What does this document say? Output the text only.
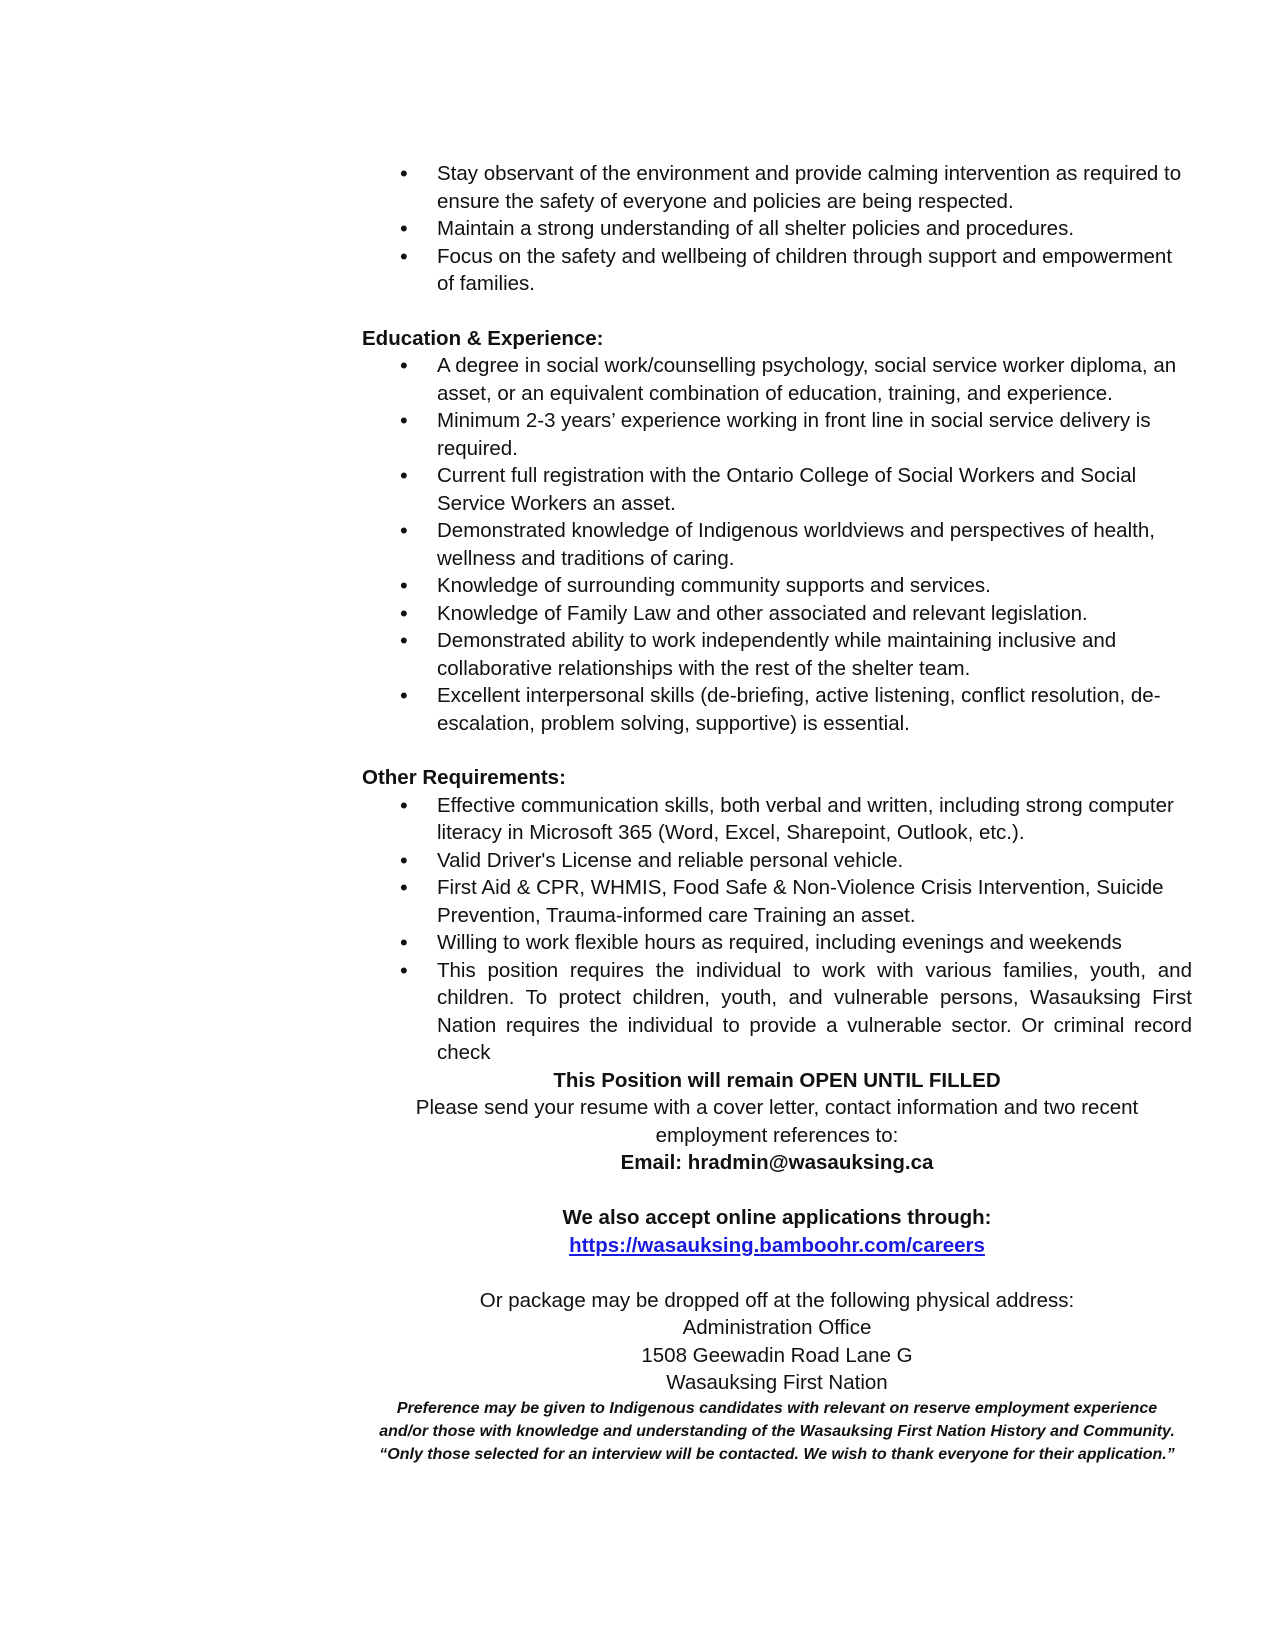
• Stay observant of the environment and provide calming intervention as required to ensure the safety of everyone and policies are being respected.
• Maintain a strong understanding of all shelter policies and procedures.
• Focus on the safety and wellbeing of children through support and empowerment of families.
Education & Experience:
• A degree in social work/counselling psychology, social service worker diploma, an asset, or an equivalent combination of education, training, and experience.
• Minimum 2-3 years’ experience working in front line in social service delivery is required.
• Current full registration with the Ontario College of Social Workers and Social Service Workers an asset.
• Demonstrated knowledge of Indigenous worldviews and perspectives of health, wellness and traditions of caring.
• Knowledge of surrounding community supports and services.
• Knowledge of Family Law and other associated and relevant legislation.
• Demonstrated ability to work independently while maintaining inclusive and collaborative relationships with the rest of the shelter team.
• Excellent interpersonal skills (de-briefing, active listening, conflict resolution, de-escalation, problem solving, supportive) is essential.
Other Requirements:
• Effective communication skills, both verbal and written, including strong computer literacy in Microsoft 365 (Word, Excel, Sharepoint, Outlook, etc.).
• Valid Driver's License and reliable personal vehicle.
• First Aid & CPR, WHMIS, Food Safe & Non-Violence Crisis Intervention, Suicide Prevention, Trauma-informed care Training an asset.
• Willing to work flexible hours as required, including evenings and weekends
• This position requires the individual to work with various families, youth, and children. To protect children, youth, and vulnerable persons, Wasauksing First Nation requires the individual to provide a vulnerable sector. Or criminal record check
This Position will remain OPEN UNTIL FILLED
Please send your resume with a cover letter, contact information and two recent employment references to:
Email: hradmin@wasauksing.ca
We also accept online applications through:
https://wasauksing.bamboohr.com/careers
Or package may be dropped off at the following physical address:
Administration Office
1508 Geewadin Road Lane G
Wasauksing First Nation
Preference may be given to Indigenous candidates with relevant on reserve employment experience
and/or those with knowledge and understanding of the Wasauksing First Nation History and Community.
“Only those selected for an interview will be contacted. We wish to thank everyone for their application.”
